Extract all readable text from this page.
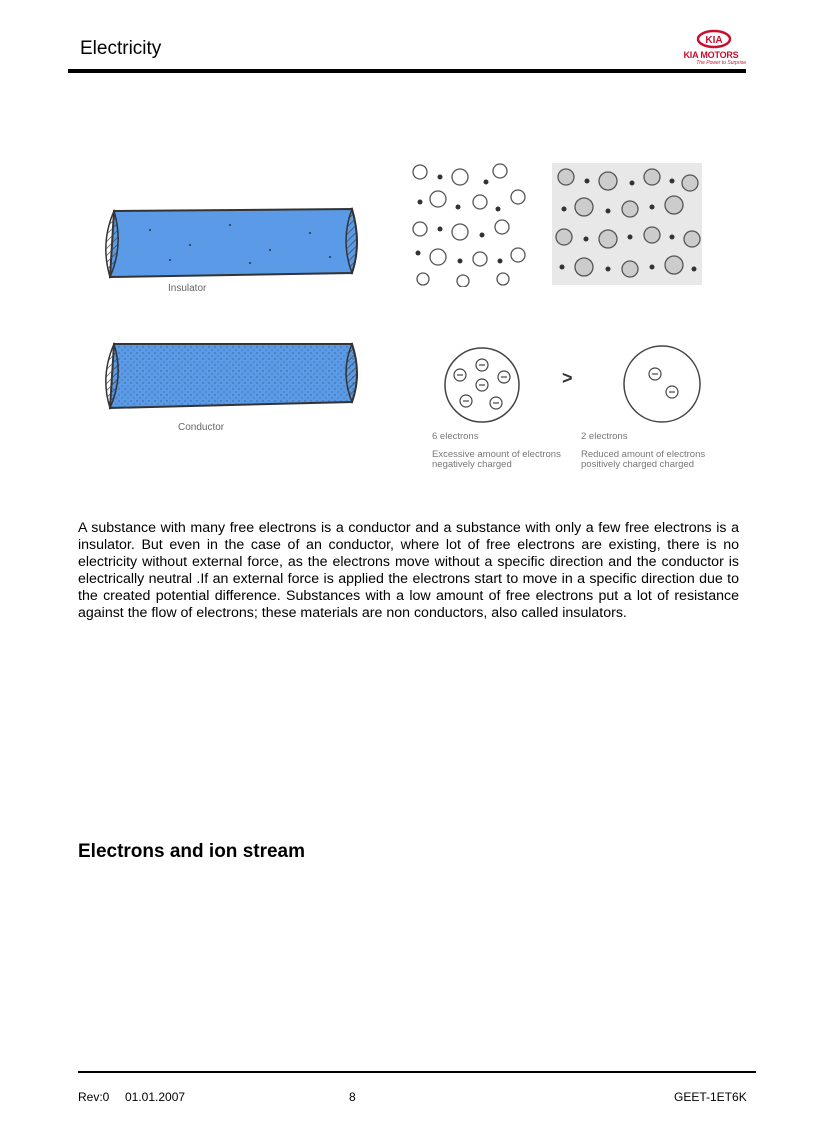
Electricity	KIA
KIA MOTORS
The Power to Surprise
Insulator
Conductor
>
6 electrons
Excessive amount of electrons negatively charged
2 electrons
Reduced amount of electrons positively charged charged
A substance with many free electrons is a conductor and a substance with only a few free electrons is a insulator. But even in the case of an conductor, where lot of free electrons are existing, there is no electricity without external force, as the electrons move without a specific direction and the conductor is electrically neutral .If an external force is applied the electrons start to move in a specific direction due to the created potential difference. Substances with a low amount of free electrons put a lot of resistance against the flow of electrons; these materials are non conductors, also called insulators.
Electrons and ion stream
Rev:0 01.01.2007	8	GEET-1ET6K
